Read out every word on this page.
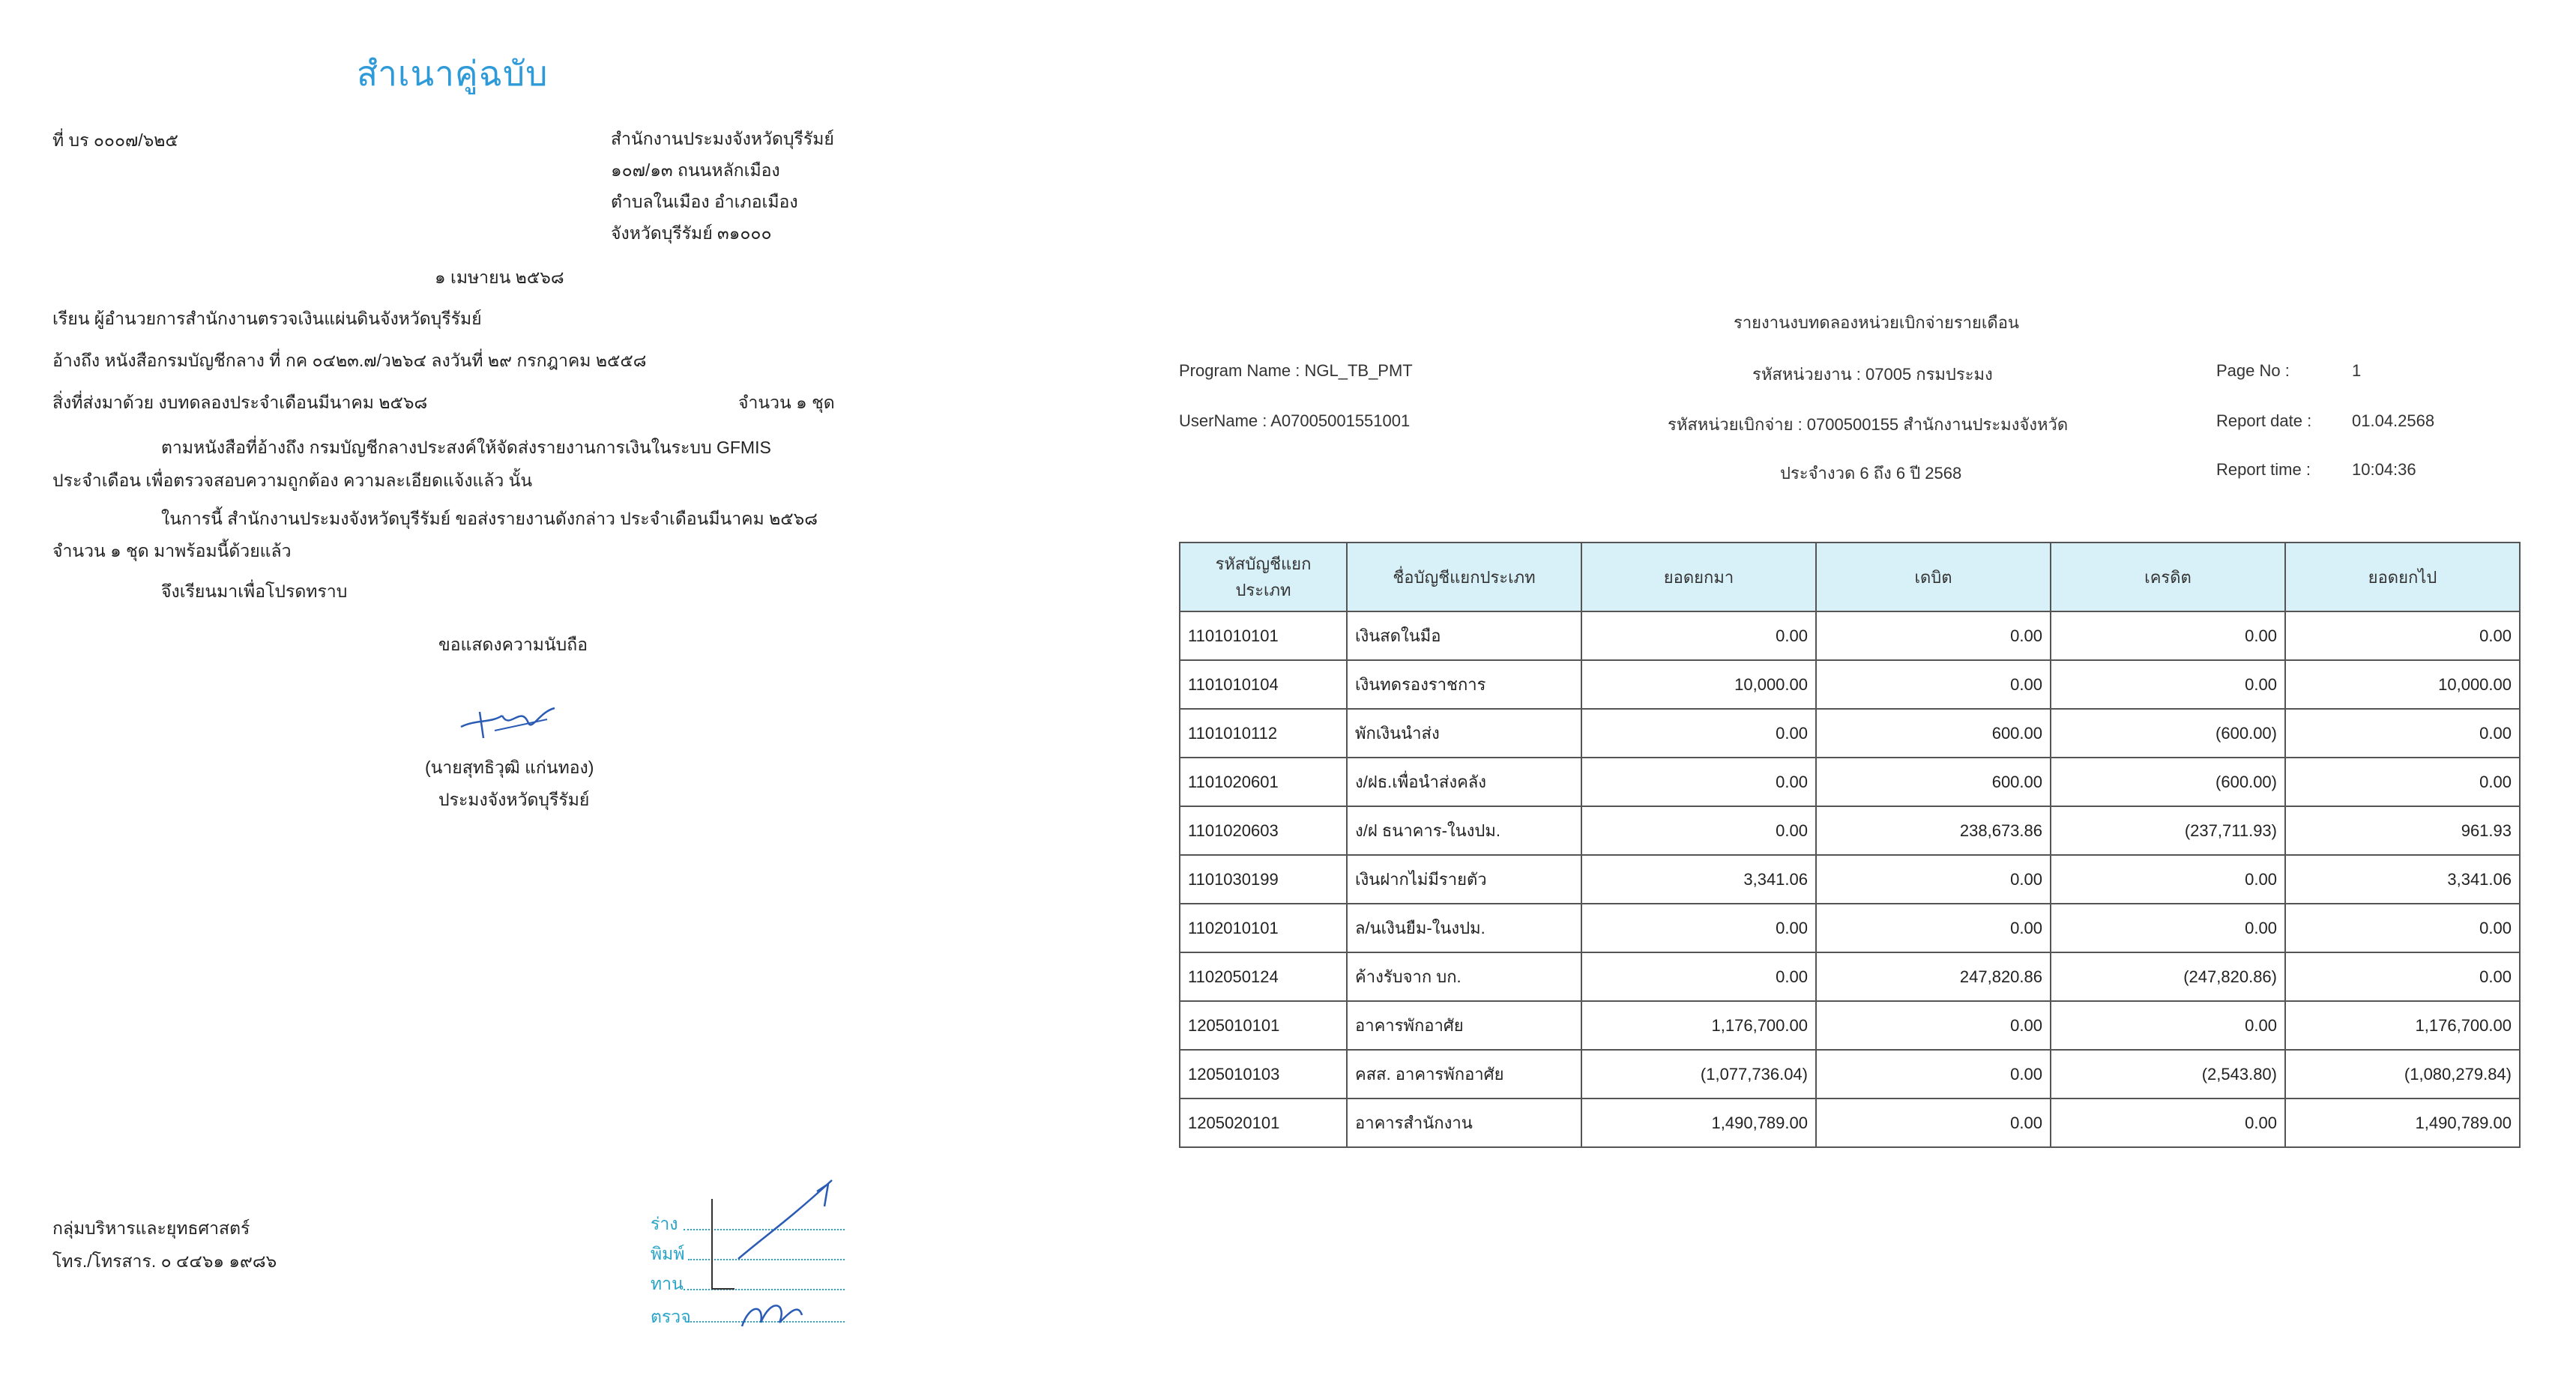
สำเนาคู่ฉบับ
ที่ บร ๐๐๐๗/๖๒๕	สำนักงานประมงจังหวัดบุรีรัมย์
๑๐๗/๑๓ ถนนหลักเมือง
ตำบลในเมือง อำเภอเมือง
จังหวัดบุรีรัมย์ ๓๑๐๐๐
๑ เมษายน ๒๕๖๘
เรียน ผู้อำนวยการสำนักงานตรวจเงินแผ่นดินจังหวัดบุรีรัมย์
อ้างถึง หนังสือกรมบัญชีกลาง ที่ กค ๐๔๒๓.๗/ว๒๖๔ ลงวันที่ ๒๙ กรกฎาคม ๒๕๕๘
สิ่งที่ส่งมาด้วย งบทดลองประจำเดือนมีนาคม ๒๕๖๘	จำนวน ๑ ชุด
ตามหนังสือที่อ้างถึง กรมบัญชีกลางประสงค์ให้จัดส่งรายงานการเงินในระบบ GFMIS
ประจำเดือน เพื่อตรวจสอบความถูกต้อง ความละเอียดแจ้งแล้ว นั้น
ในการนี้ สำนักงานประมงจังหวัดบุรีรัมย์ ขอส่งรายงานดังกล่าว ประจำเดือนมีนาคม ๒๕๖๘
จำนวน ๑ ชุด มาพร้อมนี้ด้วยแล้ว
จึงเรียนมาเพื่อโปรดทราบ
ขอแสดงความนับถือ
(นายสุทธิวุฒิ แก่นทอง)
ประมงจังหวัดบุรีรัมย์
กลุ่มบริหารและยุทธศาสตร์
โทร./โทรสาร. ๐ ๔๔๖๑ ๑๙๘๖
ร่าง
พิมพ์
ทาน
ตรวจ
รายงานงบทดลองหน่วยเบิกจ่ายรายเดือน
Program Name : NGL_TB_PMT	รหัสหน่วยงาน : 07005 กรมประมง	Page No :	1
UserName : A07005001551001	รหัสหน่วยเบิกจ่าย : 0700500155 สำนักงานประมงจังหวัด	Report date : 01.04.2568
ประจำงวด 6 ถึง 6 ปี 2568	Report time :	10:04:36
รหัสบัญชีแยกประเภท	ชื่อบัญชีแยกประเภท	ยอดยกมา	เดบิต	เครดิต	ยอดยกไป
1101010101	เงินสดในมือ	0.00	0.00	0.00	0.00
1101010104	เงินทดรองราชการ	10,000.00	0.00	0.00	10,000.00
1101010112	พักเงินนำส่ง	0.00	600.00	(600.00)	0.00
1101020601	ง/ฝธ.เพื่อนำส่งคลัง	0.00	600.00	(600.00)	0.00
1101020603	ง/ฝ ธนาคาร-ในงปม.	0.00	238,673.86	(237,711.93)	961.93
1101030199	เงินฝากไม่มีรายตัว	3,341.06	0.00	0.00	3,341.06
1102010101	ล/นเงินยืม-ในงปม.	0.00	0.00	0.00	0.00
1102050124	ค้างรับจาก บก.	0.00	247,820.86	(247,820.86)	0.00
1205010101	อาคารพักอาศัย	1,176,700.00	0.00	0.00	1,176,700.00
1205010103	คสส. อาคารพักอาศัย	(1,077,736.04)	0.00	(2,543.80)	(1,080,279.84)
1205020101	อาคารสำนักงาน	1,490,789.00	0.00	0.00	1,490,789.00
